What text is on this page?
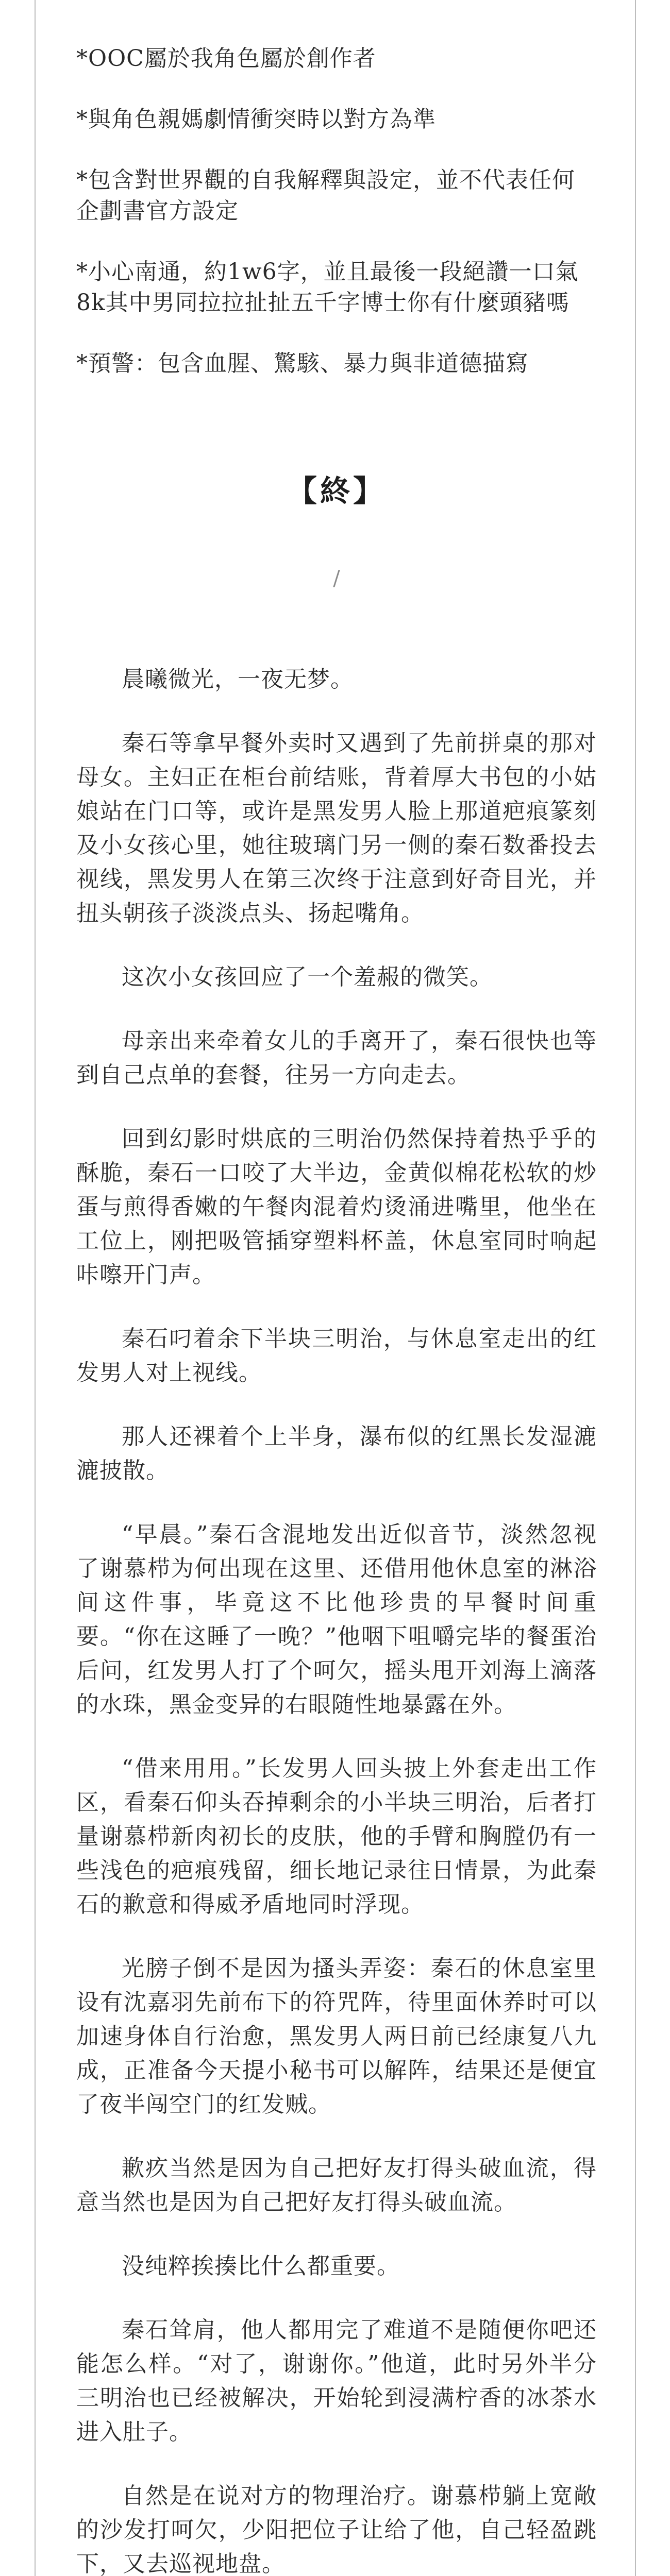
*OOC屬於我角色屬於創作者

*與角色親媽劇情衝突時以對方為準

*包含對世界觀的自我解釋與設定，並不代表任何企劃書官方設定

*小心南通，約1w6字，並且最後一段絕讚一口氣8k其中男同拉拉扯扯五千字博士你有什麼頭豬嗎

*預警：包含血腥、驚駭、暴力與非道德描寫

【終】
/

晨曦微光，一夜无梦。

秦石等拿早餐外卖时又遇到了先前拼桌的那对母女。主妇正在柜台前结账，背着厚大书包的小姑娘站在门口等，或许是黑发男人脸上那道疤痕篆刻及小女孩心里，她往玻璃门另一侧的秦石数番投去视线，黑发男人在第三次终于注意到好奇目光，并扭头朝孩子淡淡点头、扬起嘴角。

这次小女孩回应了一个羞赧的微笑。

母亲出来牵着女儿的手离开了，秦石很快也等到自己点单的套餐，往另一方向走去。

回到幻影时烘底的三明治仍然保持着热乎乎的酥脆，秦石一口咬了大半边，金黄似棉花松软的炒蛋与煎得香嫩的午餐肉混着灼烫涌进嘴里，他坐在工位上，刚把吸管插穿塑料杯盖，休息室同时响起咔嚓开门声。

秦石叼着余下半块三明治，与休息室走出的红发男人对上视线。

那人还裸着个上半身，瀑布似的红黑长发湿漉漉披散。

“早晨。”秦石含混地发出近似音节，淡然忽视了谢慕栉为何出现在这里、还借用他休息室的淋浴间这件事，毕竟这不比他珍贵的早餐时间重要。“你在这睡了一晚？”他咽下咀嚼完毕的餐蛋治后问，红发男人打了个呵欠，摇头甩开刘海上滴落的水珠，黑金变异的右眼随性地暴露在外。

“借来用用。”长发男人回头披上外套走出工作区，看秦石仰头吞掉剩余的小半块三明治，后者打量谢慕栉新肉初长的皮肤，他的手臂和胸膛仍有一些浅色的疤痕残留，细长地记录往日情景，为此秦石的歉意和得威矛盾地同时浮现。

光膀子倒不是因为搔头弄姿：秦石的休息室里设有沈嘉羽先前布下的符咒阵，待里面休养时可以加速身体自行治愈，黑发男人两日前已经康复八九成，正准备今天提小秘书可以解阵，结果还是便宜了夜半闯空门的红发贼。

歉疚当然是因为自己把好友打得头破血流，得意当然也是因为自己把好友打得头破血流。

没纯粹挨揍比什么都重要。

秦石耸肩，他人都用完了难道不是随便你吧还能怎么样。“对了，谢谢你。”他道，此时另外半分三明治也已经被解决，开始轮到浸满柠香的冰茶水进入肚子。

自然是在说对方的物理治疗。谢慕栉躺上宽敞的沙发打呵欠，少阳把位子让给了他，自己轻盈跳下，又去巡视地盘。
